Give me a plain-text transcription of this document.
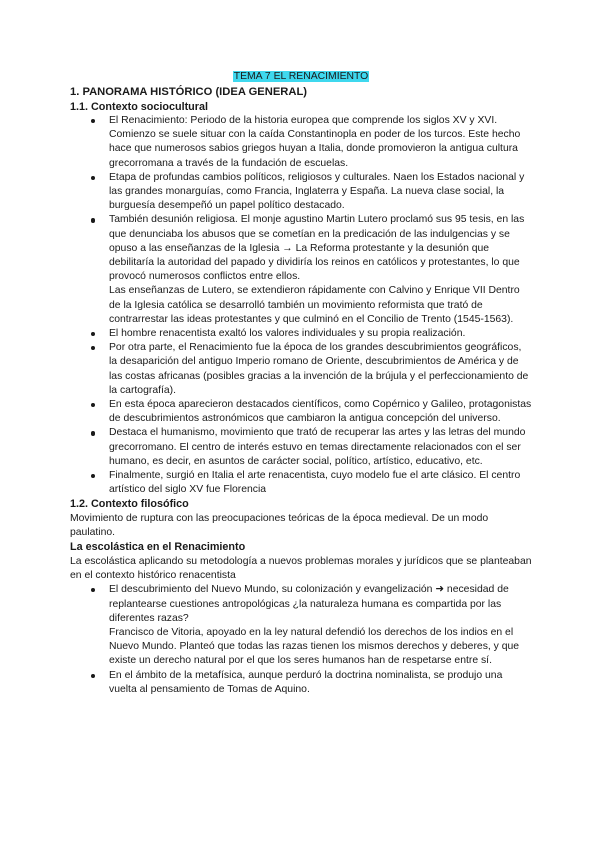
TEMA 7 EL RENACIMIENTO
1. PANORAMA HISTÓRICO (IDEA GENERAL)
1.1. Contexto sociocultural
El Renacimiento: Periodo de la historia europea que comprende los siglos XV y XVI. Comienzo se suele situar con la caída Constantinopla en poder de los turcos. Este hecho hace que numerosos sabios griegos huyan a Italia, donde promovieron la antigua cultura grecorromana a través de la fundación de escuelas.
Etapa de profundas cambios políticos, religiosos y culturales. Naen los Estados nacional y las grandes monarguías, como Francia, Inglaterra y España. La nueva clase social, la burguesía desempeñó un papel político destacado.
También desunión religiosa. El monje agustino Martin Lutero proclamó sus 95 tesis, en las que denunciaba los abusos que se cometían en la predicación de las indulgencias y se opuso a las enseñanzas de la Iglesia → La Reforma protestante y la desunión que debilitaría la autoridad del papado y dividiría los reinos en católicos y protestantes, lo que provocó numerosos conflictos entre ellos.
Las enseñanzas de Lutero, se extendieron rápidamente con Calvino y Enrique VII Dentro de la Iglesia católica se desarrolló también un movimiento reformista que trató de contrarrestar las ideas protestantes y que culminó en el Concilio de Trento (1545-1563).
El hombre renacentista exaltó los valores individuales y su propia realización.
Por otra parte, el Renacimiento fue la época de los grandes descubrimientos geográficos, la desaparición del antiguo Imperio romano de Oriente, descubrimientos de América y de las costas africanas (posibles gracias a la invención de la brújula y el perfeccionamiento de la cartografía).
En esta época aparecieron destacados científicos, como Copérnico y Galileo, protagonistas de descubrimientos astronómicos que cambiaron la antigua concepción del universo.
Destaca el humanismo, movimiento que trató de recuperar las artes y las letras del mundo grecorromano. El centro de interés estuvo en temas directamente relacionados con el ser humano, es decir, en asuntos de carácter social, político, artístico, educativo, etc.
Finalmente, surgió en Italia el arte renacentista, cuyo modelo fue el arte clásico. El centro artístico del siglo XV fue Florencia
1.2. Contexto filosófico

Movimiento de ruptura con las preocupaciones teóricas de la época medieval. De un modo paulatino.

La escolástica en el Renacimiento

La escolástica aplicando su metodología a nuevos problemas morales y jurídicos que se planteaban en el contexto histórico renacentista

El descubrimiento del Nuevo Mundo, su colonización y evangelización ➜ necesidad de replantearse cuestiones antropológicas ¿la naturaleza humana es compartida por las diferentes razas?
Francisco de Vitoria, apoyado en la ley natural defendió los derechos de los indios en el Nuevo Mundo. Planteó que todas las razas tienen los mismos derechos y deberes, y que existe un derecho natural por el que los seres humanos han de respetarse entre sí.
En el ámbito de la metafísica, aunque perduró la doctrina nominalista, se produjo una vuelta al pensamiento de Tomas de Aquino.
